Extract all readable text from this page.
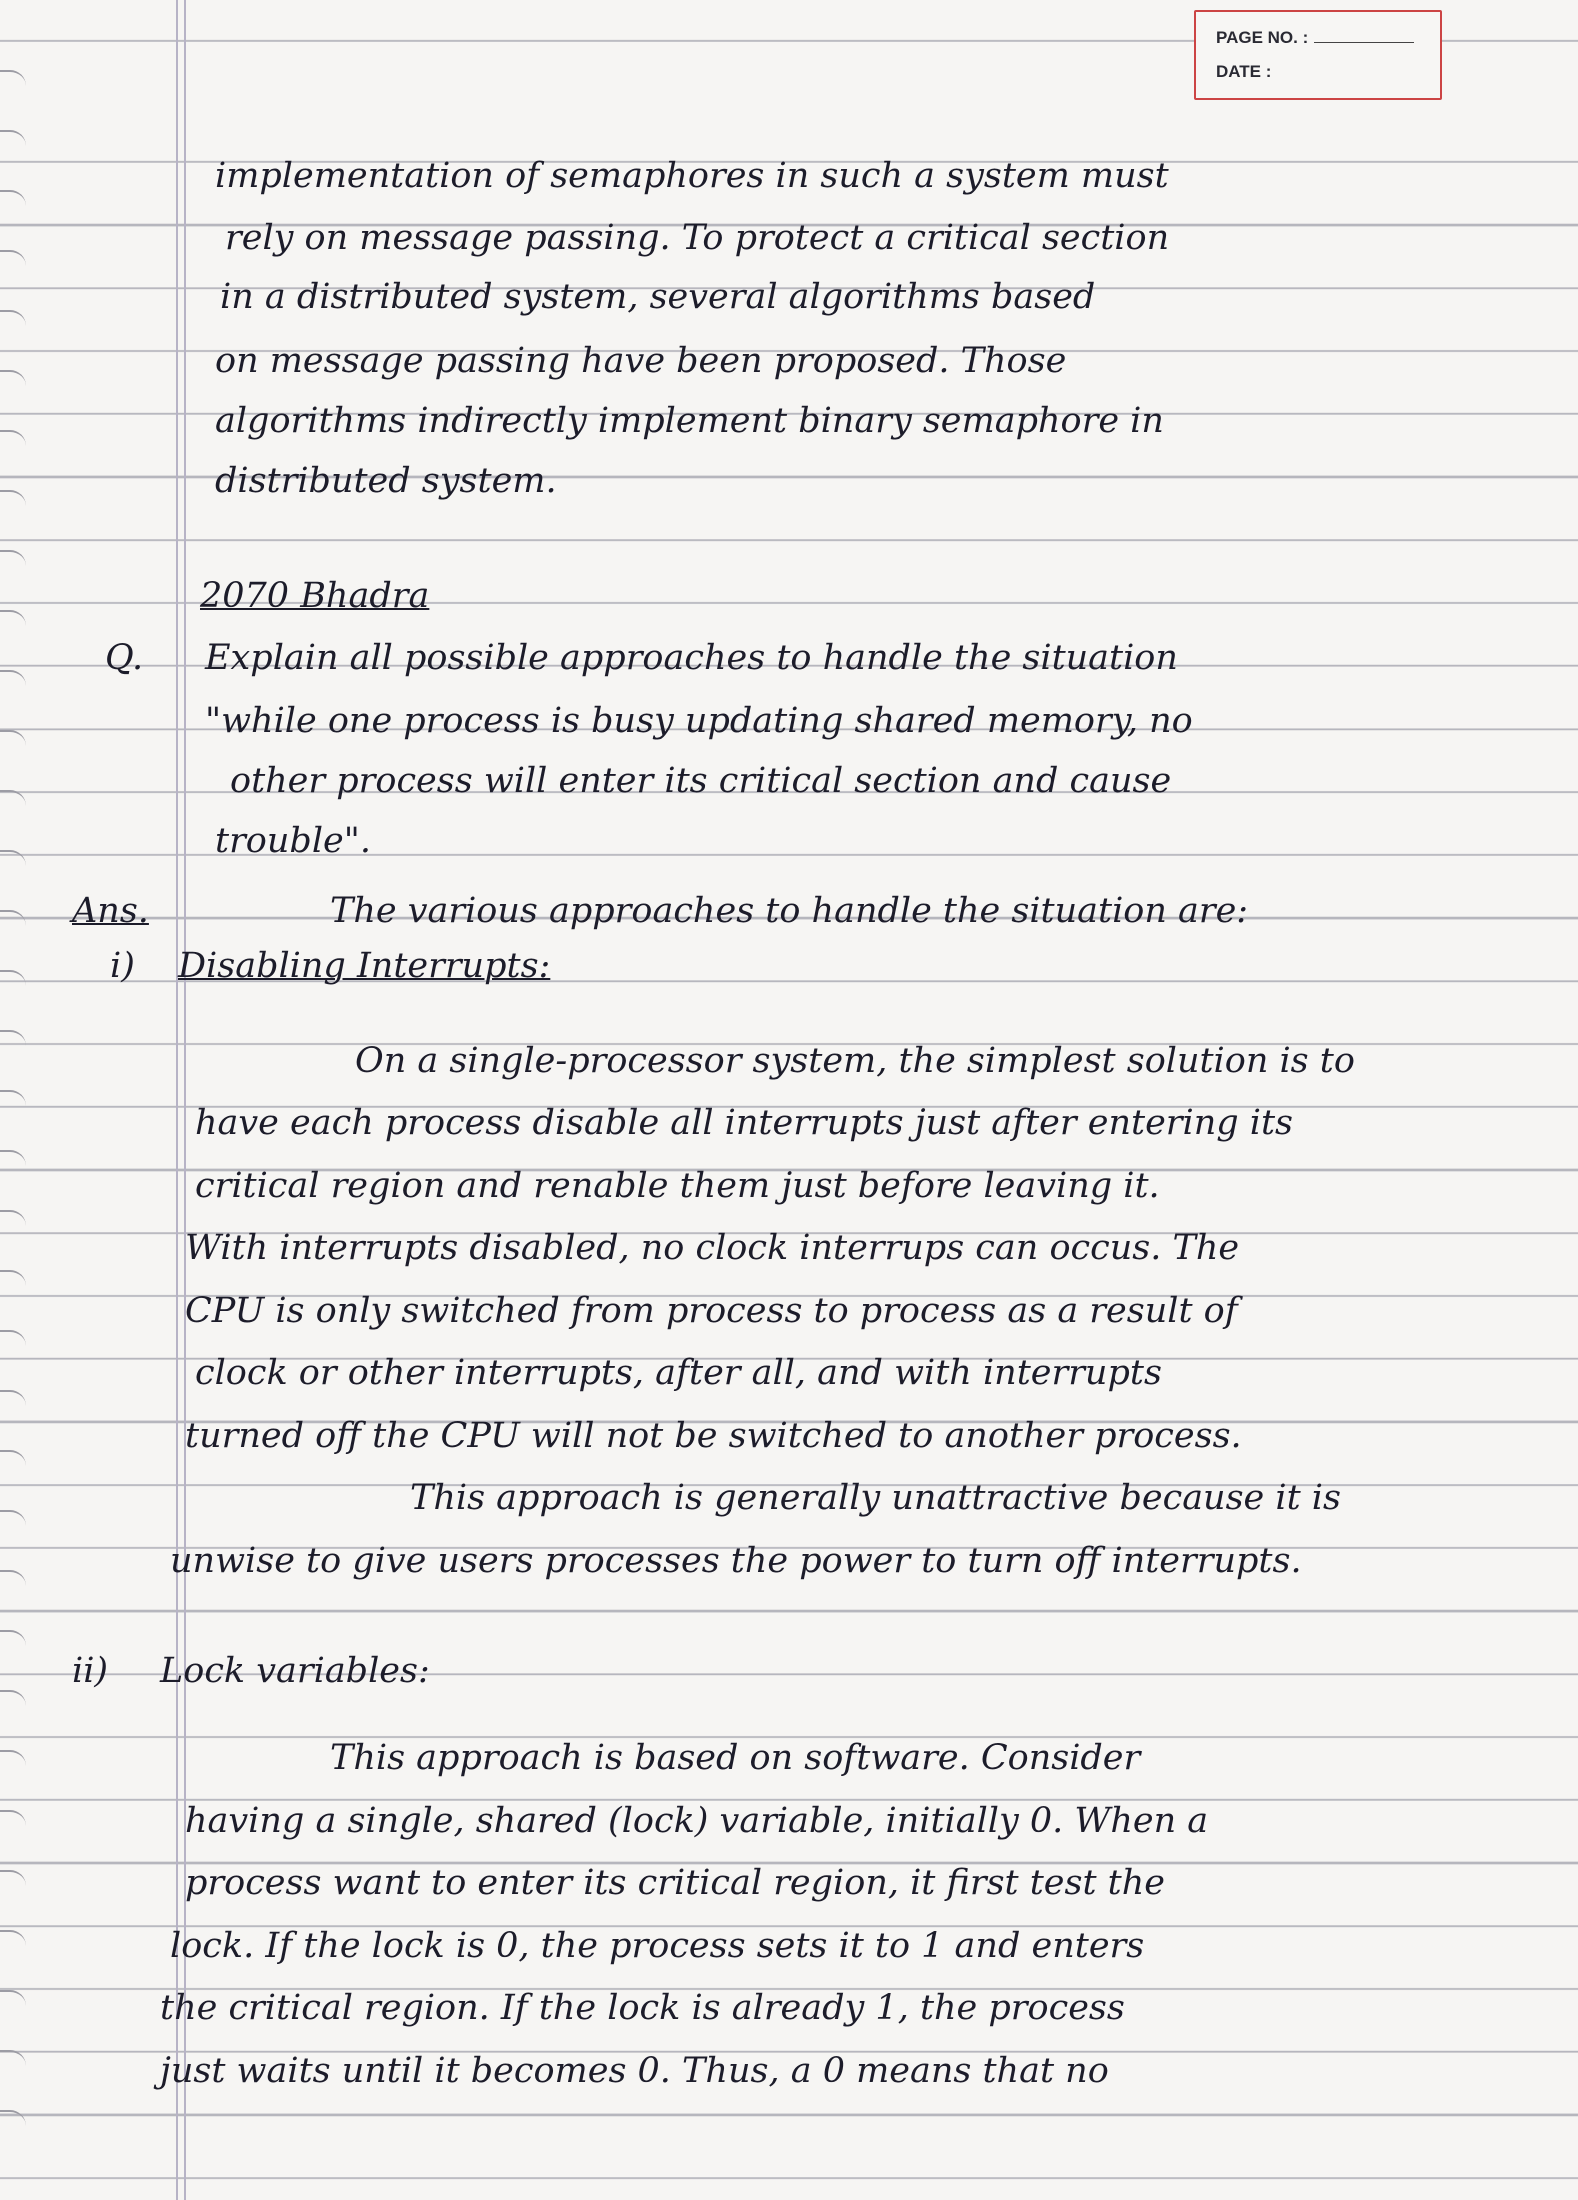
PAGE NO. :
DATE :
implementation of semaphores in such a system must
rely on message passing. To protect a critical section
in a distributed system, several algorithms based
on message passing have been proposed. Those
algorithms indirectly implement binary semaphore in
distributed system.
2070 Bhadra
Q. Explain all possible approaches to handle the situation
"while one process is busy updating shared memory, no
other process will enter its critical section and cause
trouble".
Ans.	The various approaches to handle the situation are:
i) Disabling Interrupts:
On a single-processor system, the simplest solution is to
have each process disable all interrupts just after entering its
critical region and renable them just before leaving it.
With interrupts disabled, no clock interrups can occus. The
CPU is only switched from process to process as a result of
clock or other interrupts, after all, and with interrupts
turned off the CPU will not be switched to another process.
This approach is generally unattractive because it is
unwise to give users processes the power to turn off interrupts.
ii) Lock variables:
This approach is based on software. Consider
having a single, shared (lock) variable, initially 0. When a
process want to enter its critical region, it first test the
lock. If the lock is 0, the process sets it to 1 and enters
the critical region. If the lock is already 1, the process
just waits until it becomes 0. Thus, a 0 means that no
